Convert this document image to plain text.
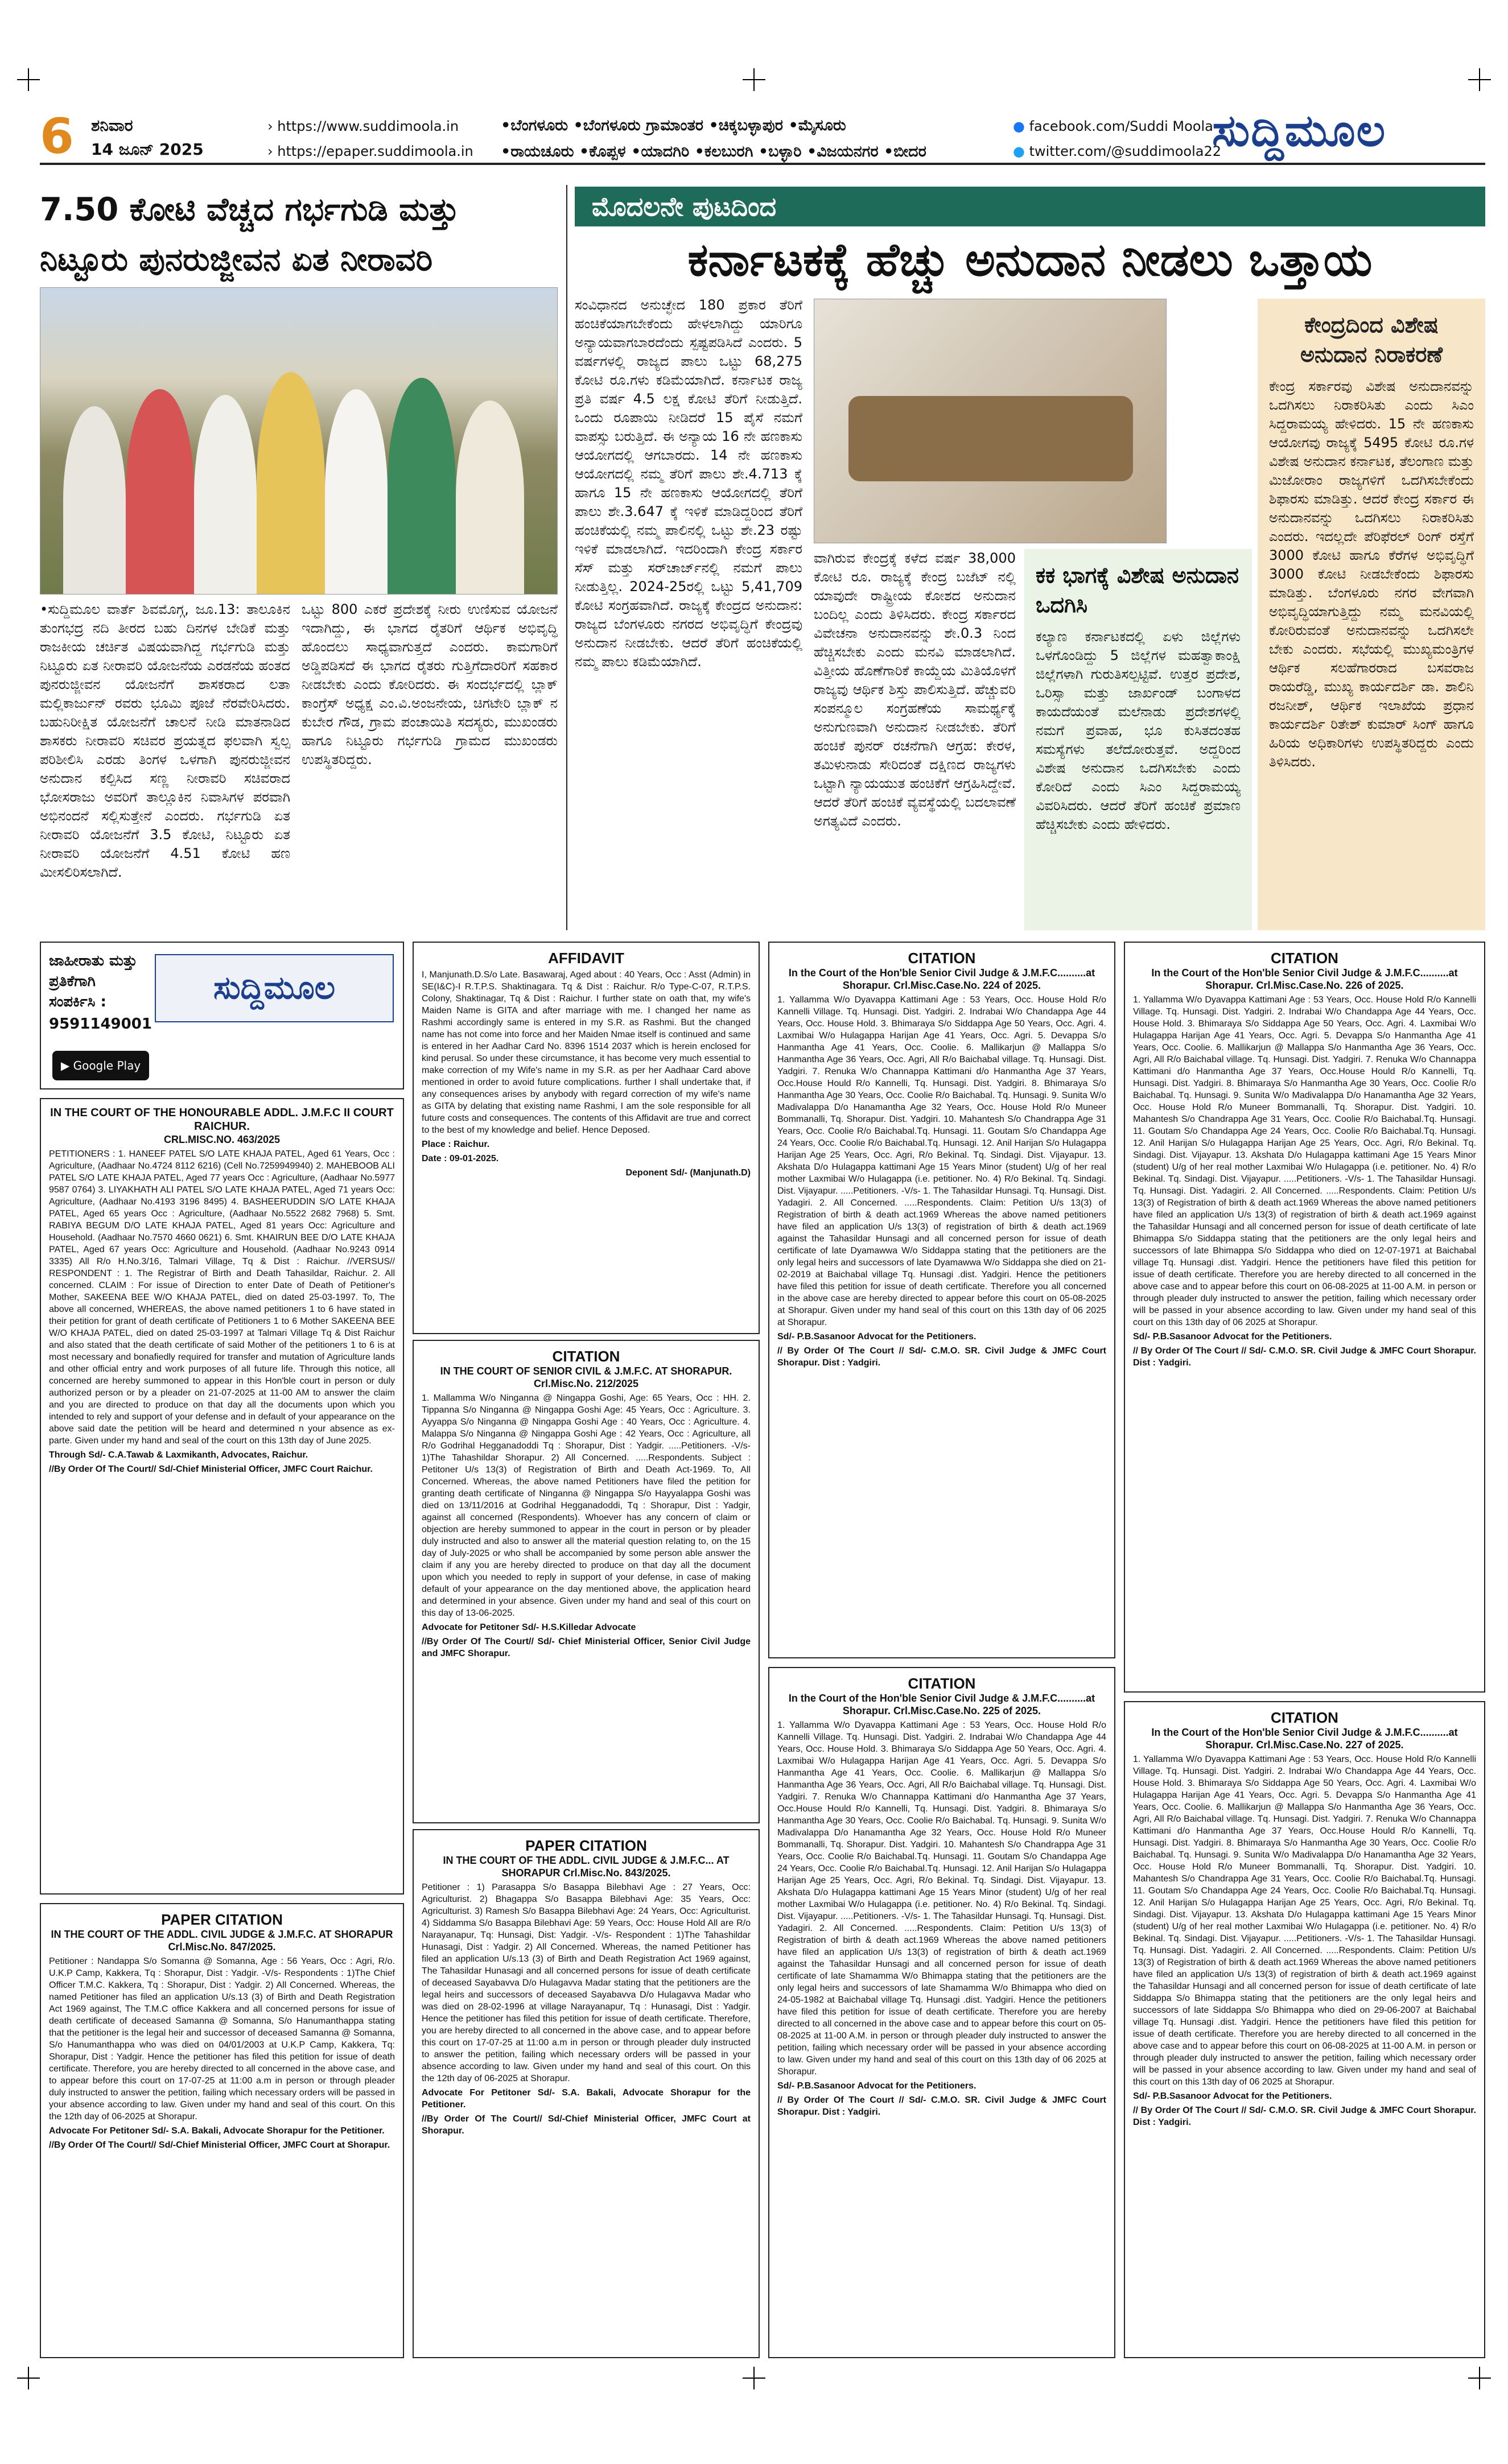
6 ಶನಿವಾರ
14 ಜೂನ್ 2025
› https://www.suddimoola.in
› https://epaper.suddimoola.in
•ಬೆಂಗಳೂರು •ಬೆಂಗಳೂರು ಗ್ರಾಮಾಂತರ •ಚಿಕ್ಕಬಳ್ಳಾಪುರ •ಮೈಸೂರು
•ರಾಯಚೂರು •ಕೊಪ್ಪಳ •ಯಾದಗಿರಿ •ಕಲಬುರಗಿ •ಬಳ್ಳಾರಿ •ವಿಜಯನಗರ •ಬೀದರ
● facebook.com/Suddi Moola
● twitter.com/@suddimoola22
ಸುದ್ದಿಮೂಲ
7.50 ಕೋಟಿ ವೆಚ್ಚದ ಗರ್ಭಗುಡಿ ಮತ್ತು ನಿಟ್ಟೂರು ಪುನರುಜ್ಜೀವನ ಏತ ನೀರಾವರಿ
•ಸುದ್ದಿಮೂಲ ವಾರ್ತೆ ಶಿವಮೊಗ್ಗ, ಜೂ.13: ತಾಲೂಕಿನ ತುಂಗಭದ್ರ ನದಿ ತೀರದ ಬಹು ದಿನಗಳ ಬೇಡಿಕೆ ಮತ್ತು ರಾಜಕೀಯ ಚರ್ಚಿತ ವಿಷಯವಾಗಿದ್ದ ಗರ್ಭಗುಡಿ ಮತ್ತು ನಿಟ್ಟೂರು ಏತ ನೀರಾವರಿ ಯೋಜನೆಯ ಎರಡನೆಯ ಹಂತದ ಪುನರುಜ್ಜೀವನ ಯೋಜನೆಗೆ ಶಾಸಕರಾದ ಲತಾ ಮಲ್ಲಿಕಾರ್ಜುನ್ ರವರು ಭೂಮಿ ಪೂಜೆ ನೆರವೇರಿಸಿದರು. ಬಹುನಿರೀಕ್ಷಿತ ಯೋಜನೆಗೆ ಚಾಲನೆ ನೀಡಿ ಮಾತನಾಡಿದ ಶಾಸಕರು ನೀರಾವರಿ ಸಚಿವರ ಪ್ರಯತ್ನದ ಫಲವಾಗಿ ಸ್ವಲ್ಪ ಪರಿಶೀಲಿಸಿ ಎರಡು ತಿಂಗಳ ಒಳಗಾಗಿ ಪುನರುಜ್ಜೀವನ ಅನುದಾನ ಕಲ್ಪಿಸಿದ ಸಣ್ಣ ನೀರಾವರಿ ಸಚಿವರಾದ ಭೋಸರಾಜು ಅವರಿಗೆ ತಾಲ್ಲೂಕಿನ ನಿವಾಸಿಗಳ ಪರವಾಗಿ ಅಭಿನಂದನೆ ಸಲ್ಲಿಸುತ್ತೇನೆ ಎಂದರು. ಗರ್ಭಗುಡಿ ಏತ ನೀರಾವರಿ ಯೋಜನೆಗೆ 3.5 ಕೋಟಿ, ನಿಟ್ಟೂರು ಏತ ನೀರಾವರಿ ಯೋಜನೆಗೆ 4.51 ಕೋಟಿ ಹಣ ಮೀಸಲಿರಿಸಲಾಗಿದೆ.
ಒಟ್ಟು 800 ಎಕರೆ ಪ್ರದೇಶಕ್ಕೆ ನೀರು ಉಣಿಸುವ ಯೋಜನೆ ಇದಾಗಿದ್ದು, ಈ ಭಾಗದ ರೈತರಿಗೆ ಆರ್ಥಿಕ ಅಭಿವೃದ್ಧಿ ಹೊಂದಲು ಸಾಧ್ಯವಾಗುತ್ತದೆ ಎಂದರು. ಕಾಮಗಾರಿಗೆ ಅಡ್ಡಿಪಡಿಸದೆ ಈ ಭಾಗದ ರೈತರು ಗುತ್ತಿಗೆದಾರರಿಗೆ ಸಹಕಾರ ನೀಡಬೇಕು ಎಂದು ಕೋರಿದರು. ಈ ಸಂದರ್ಭದಲ್ಲಿ ಬ್ಲಾಕ್ ಕಾಂಗ್ರೆಸ್ ಅಧ್ಯಕ್ಷ ಎಂ.ವಿ.ಅಂಜನೇಯ, ಚಿಗಟೇರಿ ಬ್ಲಾಕ್ ನ ಕುಬೇರ ಗೌಡ, ಗ್ರಾಮ ಪಂಚಾಯಿತಿ ಸದಸ್ಯರು, ಮುಖಂಡರು ಹಾಗೂ ನಿಟ್ಟೂರು ಗರ್ಭಗುಡಿ ಗ್ರಾಮದ ಮುಖಂಡರು ಉಪಸ್ಥಿತರಿದ್ದರು.
ಮೊದಲನೇ ಪುಟದಿಂದ
ಕರ್ನಾಟಕಕ್ಕೆ ಹೆಚ್ಚು ಅನುದಾನ ನೀಡಲು ಒತ್ತಾಯ
ಸಂವಿಧಾನದ ಅನುಚ್ಛೇದ 180 ಪ್ರಕಾರ ತೆರಿಗೆ ಹಂಚಿಕೆಯಾಗಬೇಕೆಂದು ಹೇಳಲಾಗಿದ್ದು ಯಾರಿಗೂ ಅನ್ಯಾಯವಾಗಬಾರದೆಂದು ಸ್ಪಷ್ಟಪಡಿಸಿದೆ ಎಂದರು. 5 ವರ್ಷಗಳಲ್ಲಿ ರಾಜ್ಯದ ಪಾಲು ಒಟ್ಟು 68,275 ಕೋಟಿ ರೂ.ಗಳು ಕಡಿಮೆಯಾಗಿದೆ. ಕರ್ನಾಟಕ ರಾಜ್ಯ ಪ್ರತಿ ವರ್ಷ 4.5 ಲಕ್ಷ ಕೋಟಿ ತೆರಿಗೆ ನೀಡುತ್ತಿದೆ. ಒಂದು ರೂಪಾಯಿ ನೀಡಿದರೆ 15 ಪೈಸೆ ನಮಗೆ ವಾಪಸ್ಸು ಬರುತ್ತಿದೆ. ಈ ಅನ್ಯಾಯ 16 ನೇ ಹಣಕಾಸು ಆಯೋಗದಲ್ಲಿ ಆಗಬಾರದು. 14 ನೇ ಹಣಕಾಸು ಆಯೋಗದಲ್ಲಿ ನಮ್ಮ ತೆರಿಗೆ ಪಾಲು ಶೇ.4.713 ಕ್ಕೆ ಹಾಗೂ 15 ನೇ ಹಣಕಾಸು ಆಯೋಗದಲ್ಲಿ ತೆರಿಗೆ ಪಾಲು ಶೇ.3.647 ಕ್ಕೆ ಇಳಿಕೆ ಮಾಡಿದ್ದರಿಂದ ತೆರಿಗೆ ಹಂಚಿಕೆಯಲ್ಲಿ ನಮ್ಮ ಪಾಲಿನಲ್ಲಿ ಒಟ್ಟು ಶೇ.23 ರಷ್ಟು ಇಳಿಕೆ ಮಾಡಲಾಗಿದೆ. ಇದರಿಂದಾಗಿ ಕೇಂದ್ರ ಸರ್ಕಾರ ಸೆಸ್ ಮತ್ತು ಸರ್‌ಚಾರ್ಜ್‌ನಲ್ಲಿ ನಮಗೆ ಪಾಲು ನೀಡುತ್ತಿಲ್ಲ. 2024-25ರಲ್ಲಿ ಒಟ್ಟು 5,41,709 ಕೋಟಿ ಸಂಗ್ರಹವಾಗಿದೆ. ರಾಜ್ಯಕ್ಕೆ ಕೇಂದ್ರದ ಅನುದಾನ: ರಾಜ್ಯದ ಬೆಂಗಳೂರು ನಗರದ ಅಭಿವೃದ್ಧಿಗೆ ಕೇಂದ್ರವು ಅನುದಾನ ನೀಡಬೇಕು. ಆದರೆ ತೆರಿಗೆ ಹಂಚಿಕೆಯಲ್ಲಿ ನಮ್ಮ ಪಾಲು ಕಡಿಮೆಯಾಗಿದೆ.
ವಾಗಿರುವ ಕೇಂದ್ರಕ್ಕೆ ಕಳೆದ ವರ್ಷ 38,000 ಕೋಟಿ ರೂ. ರಾಜ್ಯಕ್ಕೆ ಕೇಂದ್ರ ಬಜೆಟ್ ನಲ್ಲಿ ಯಾವುದೇ ರಾಷ್ಟ್ರೀಯ ಕೋಶದ ಅನುದಾನ ಬಂದಿಲ್ಲ ಎಂದು ತಿಳಿಸಿದರು. ಕೇಂದ್ರ ಸರ್ಕಾರದ ವಿವೇಚನಾ ಅನುದಾನವನ್ನು ಶೇ.0.3 ನಿಂದ ಹೆಚ್ಚಿಸಬೇಕು ಎಂದು ಮನವಿ ಮಾಡಲಾಗಿದೆ. ವಿತ್ತೀಯ ಹೊಣೆಗಾರಿಕೆ ಕಾಯ್ದೆಯ ಮಿತಿಯೊಳಗೆ ರಾಜ್ಯವು ಆರ್ಥಿಕ ಶಿಸ್ತು ಪಾಲಿಸುತ್ತಿದೆ. ಹೆಚ್ಚುವರಿ ಸಂಪನ್ಮೂಲ ಸಂಗ್ರಹಣೆಯ ಸಾಮರ್ಥ್ಯಕ್ಕೆ ಅನುಗುಣವಾಗಿ ಅನುದಾನ ನೀಡಬೇಕು. ತೆರಿಗೆ ಹಂಚಿಕೆ ಪುನರ್ ರಚನೆಗಾಗಿ ಆಗ್ರಹ: ಕೇರಳ, ತಮಿಳುನಾಡು ಸೇರಿದಂತೆ ದಕ್ಷಿಣದ ರಾಜ್ಯಗಳು ಒಟ್ಟಾಗಿ ನ್ಯಾಯಯುತ ಹಂಚಿಕೆಗೆ ಆಗ್ರಹಿಸಿದ್ದೇವೆ. ಆದರೆ ತೆರಿಗೆ ಹಂಚಿಕೆ ವ್ಯವಸ್ಥೆಯಲ್ಲಿ ಬದಲಾವಣೆ ಅಗತ್ಯವಿದೆ ಎಂದರು.
ಕಕ ಭಾಗಕ್ಕೆ ವಿಶೇಷ ಅನುದಾನ ಒದಗಿಸಿ
ಕಲ್ಯಾಣ ಕರ್ನಾಟಕದಲ್ಲಿ ಏಳು ಜಿಲ್ಲೆಗಳು ಒಳಗೊಂಡಿದ್ದು 5 ಜಿಲ್ಲೆಗಳ ಮಹತ್ವಾಕಾಂಕ್ಷಿ ಜಿಲ್ಲೆಗಳಾಗಿ ಗುರುತಿಸಲ್ಪಟ್ಟಿವೆ. ಉತ್ತರ ಪ್ರದೇಶ, ಒರಿಸ್ಸಾ ಮತ್ತು ಜಾರ್ಖಂಡ್ ಬಂಗಾಳದ ಕಾಯದೆಯಂತೆ ಮಲೆನಾಡು ಪ್ರದೇಶಗಳಲ್ಲಿ ನಮಗೆ ಪ್ರವಾಹ, ಭೂ ಕುಸಿತದಂತಹ ಸಮಸ್ಯೆಗಳು ತಲೆದೋರುತ್ತವೆ. ಅದ್ದರಿಂದ ವಿಶೇಷ ಅನುದಾನ ಒದಗಿಸಬೇಕು ಎಂದು ಕೋರಿದೆ ಎಂದು ಸಿಎಂ ಸಿದ್ದರಾಮಯ್ಯ ವಿವರಿಸಿದರು. ಆದರೆ ತೆರಿಗೆ ಹಂಚಿಕೆ ಪ್ರಮಾಣ ಹೆಚ್ಚಿಸಬೇಕು ಎಂದು ಹೇಳಿದರು.
ಕೇಂದ್ರದಿಂದ ವಿಶೇಷ ಅನುದಾನ ನಿರಾಕರಣೆ
ಕೇಂದ್ರ ಸರ್ಕಾರವು ವಿಶೇಷ ಅನುದಾನವನ್ನು ಒದಗಿಸಲು ನಿರಾಕರಿಸಿತು ಎಂದು ಸಿಎಂ ಸಿದ್ದರಾಮಯ್ಯ ಹೇಳಿದರು. 15 ನೇ ಹಣಕಾಸು ಆಯೋಗವು ರಾಜ್ಯಕ್ಕೆ 5495 ಕೋಟಿ ರೂ.ಗಳ ವಿಶೇಷ ಅನುದಾನ ಕರ್ನಾಟಕ, ತೆಲಂಗಾಣ ಮತ್ತು ಮಿಜೋರಾಂ ರಾಜ್ಯಗಳಿಗೆ ಒದಗಿಸಬೇಕೆಂದು ಶಿಫಾರಸು ಮಾಡಿತ್ತು. ಆದರೆ ಕೇಂದ್ರ ಸರ್ಕಾರ ಈ ಅನುದಾನವನ್ನು ಒದಗಿಸಲು ನಿರಾಕರಿಸಿತು ಎಂದರು. ಇದಲ್ಲದೇ ಪೆರಿಫೆರಲ್ ರಿಂಗ್ ರಸ್ತೆಗೆ 3000 ಕೋಟಿ ಹಾಗೂ ಕೆರೆಗಳ ಅಭಿವೃದ್ಧಿಗೆ 3000 ಕೋಟಿ ನೀಡಬೇಕೆಂದು ಶಿಫಾರಸು ಮಾಡಿತ್ತು. ಬೆಂಗಳೂರು ನಗರ ವೇಗವಾಗಿ ಅಭಿವೃದ್ಧಿಯಾಗುತ್ತಿದ್ದು ನಮ್ಮ ಮನವಿಯಲ್ಲಿ ಕೋರಿರುವಂತೆ ಅನುದಾನವನ್ನು ಒದಗಿಸಲೇ ಬೇಕು ಎಂದರು. ಸಭೆಯಲ್ಲಿ ಮುಖ್ಯಮಂತ್ರಿಗಳ ಆರ್ಥಿಕ ಸಲಹೆಗಾರರಾದ ಬಸವರಾಜ ರಾಯರೆಡ್ಡಿ, ಮುಖ್ಯ ಕಾರ್ಯದರ್ಶಿ ಡಾ. ಶಾಲಿನಿ ರಜನೀಶ್, ಆರ್ಥಿಕ ಇಲಾಖೆಯ ಪ್ರಧಾನ ಕಾರ್ಯದರ್ಶಿ ರಿತೇಶ್ ಕುಮಾರ್ ಸಿಂಗ್ ಹಾಗೂ ಹಿರಿಯ ಅಧಿಕಾರಿಗಳು ಉಪಸ್ಥಿತರಿದ್ದರು ಎಂದು ತಿಳಿಸಿದರು.
ಜಾಹೀರಾತು ಮತ್ತು ಪ್ರತಿಕೆಗಾಗಿ ಸಂಪರ್ಕಿಸಿ :
9591149001
ಸುದ್ದಿಮೂಲ
▶ Google Play
IN THE COURT OF THE HONOURABLE ADDL. J.M.F.C II COURT RAICHUR.
CRL.MISC.NO. 463/2025

PETITIONERS : 1. HANEEF PATEL S/O LATE KHAJA PATEL, Aged 61 Years, Occ : Agriculture, (Aadhaar No.4724 8112 6216) (Cell No.7259949940) 2. MAHEBOOB ALI PATEL S/O LATE KHAJA PATEL, Aged 77 years Occ : Agriculture, (Aadhaar No.5977 9587 0764) 3. LIYAKHATH ALI PATEL S/O LATE KHAJA PATEL, Aged 71 years Occ: Agriculture, (Aadhaar No.4193 3196 8495) 4. BASHEERUDDIN S/O LATE KHAJA PATEL, Aged 65 years Occ : Agriculture, (Aadhaar No.5522 2682 7968) 5. Smt. RABIYA BEGUM D/O LATE KHAJA PATEL, Aged 81 years Occ: Agriculture and Household. (Aadhaar No.7570 4660 0621) 6. Smt. KHAIRUN BEE D/O LATE KHAJA PATEL, Aged 67 years Occ: Agriculture and Household. (Aadhaar No.9243 0914 3335) All R/o H.No.3/16, Talmari Village, Tq & Dist : Raichur. //VERSUS// RESPONDENT : 1. The Registrar of Birth and Death Tahasildar, Raichur. 2. All concerned. CLAIM : For issue of Direction to enter Date of Death of Petitioner's Mother, SAKEENA BEE W/O KHAJA PATEL, died on dated 25-03-1997. To, The above all concerned, WHEREAS, the above named petitioners 1 to 6 have stated in their petition for grant of death certificate of Petitioners 1 to 6 Mother SAKEENA BEE W/O KHAJA PATEL, died on dated 25-03-1997 at Talmari Village Tq & Dist Raichur and also stated that the death certificate of said Mother of the petitioners 1 to 6 is at most necessary and bonafiedly required for transfer and mutation of Agriculture lands and other official entry and work purposes of all future life. Through this notice, all concerned are hereby summoned to appear in this Hon'ble court in person or duly authorized person or by a pleader on 21-07-2025 at 11-00 AM to answer the claim and you are directed to produce on that day all the documents upon which you intended to rely and support of your defense and in default of your appearance on the above said date the petition will be heard and determined n your absence as ex-parte. Given under my hand and seal of the court on this 13th day of June 2025.

Through Sd/- C.A.Tawab & Laxmikanth, Advocates, Raichur.

//By Order Of The Court// Sd/-Chief Ministerial Officer, JMFC Court Raichur.

PAPER CITATION
IN THE COURT OF THE ADDL. CIVIL JUDGE & J.M.F.C. AT SHORAPUR Crl.Misc.No. 847/2025.

Petitioner : Nandappa S/o Somanna @ Somanna, Age : 56 Years, Occ : Agri, R/o. U.K.P Camp, Kakkera, Tq : Shorapur, Dist : Yadgir. -V/s- Respondents : 1)The Chief Officer T.M.C. Kakkera, Tq : Shorapur, Dist : Yadgir. 2) All Concerned. Whereas, the named Petitioner has filed an application U/s.13 (3) of Birth and Death Registration Act 1969 against, The T.M.C office Kakkera and all concerned persons for issue of death certificate of deceased Samanna @ Somanna, S/o Hanumanthappa stating that the petitioner is the legal heir and successor of deceased Samanna @ Somanna, S/o Hanumanthappa who was died on 04/01/2003 at U.K.P Camp, Kakkera, Tq: Shorapur, Dist : Yadgir. Hence the petitioner has filed this petition for issue of death certificate. Therefore, you are hereby directed to all concerned in the above case, and to appear before this court on 17-07-25 at 11:00 a.m in person or through pleader duly instructed to answer the petition, failing which necessary orders will be passed in your absence according to law. Given under my hand and seal of this court. On this the 12th day of 06-2025 at Shorapur.

Advocate For Petitoner Sd/- S.A. Bakali, Advocate Shorapur for the Petitioner.

//By Order Of The Court// Sd/-Chief Ministerial Officer, JMFC Court at Shorapur.

AFFIDAVIT

I, Manjunath.D.S/o Late. Basawaraj, Aged about : 40 Years, Occ : Asst (Admin) in SE(I&C)-I R.T.P.S. Shaktinagara. Tq & Dist : Raichur. R/o Type-C-07, R.T.P.S. Colony, Shaktinagar, Tq & Dist : Raichur. I further state on oath that, my wife's Maiden Name is GITA and after marriage with me. I changed her name as Rashmi accordingly same is entered in my S.R. as Rashmi. But the changed name has not come into force and her Maiden Nmae itself is continued and same is entered in her Aadhar Card No. 8396 1514 2037 which is herein enclosed for kind perusal. So under these circumstance, it has become very much essential to make correction of my Wife's name in my S.R. as per her Aadhaar Card above mentioned in order to avoid future complications. further I shall undertake that, if any consequences arises by anybody with regard correction of my wife's name as GITA by delating that existing name Rashmi, I am the sole responsible for all future costs and consequences. The contents of this Affidavit are true and correct to the best of my knowledge and belief. Hence Deposed.

Place : Raichur.

Date : 09-01-2025.

Deponent Sd/- (Manjunath.D)

CITATION
IN THE COURT OF SENIOR CIVIL & J.M.F.C. AT SHORAPUR. Crl.Misc.No. 212/2025

1. Mallamma W/o Ninganna @ Ningappa Goshi, Age: 65 Years, Occ : HH. 2. Tippanna S/o Ninganna @ Ningappa Goshi Age: 45 Years, Occ : Agriculture. 3. Ayyappa S/o Ninganna @ Ningappa Goshi Age : 40 Years, Occ : Agriculture. 4. Malappa S/o Ninganna @ Ningappa Goshi Age : 42 Years, Occ : Agriculture, all R/o Godrihal Hegganadoddi Tq : Shorapur, Dist : Yadgir. .....Petitioners. -V/s- 1)The Tahashildar Shorapur. 2) All Concerned. .....Respondents. Subject : Petitoner U/s 13(3) of Registration of Birth and Death Act-1969. To, All Concerned. Whereas, the above named Petitioners have filed the petition for granting death certificate of Ninganna @ Ningappa S/o Hayyalappa Goshi was died on 13/11/2016 at Godrihal Hegganadoddi, Tq : Shorapur, Dist : Yadgir, against all concerned (Respondents). Whoever has any concern of claim or objection are hereby summoned to appear in the court in person or by pleader duly instructed and also to answer all the material question relating to, on the 15 day of July-2025 or who shall be accompanied by some person able answer the claim if any you are hereby directed to produce on that day all the document upon which you needed to reply in support of your defense, in case of making default of your appearance on the day mentioned above, the application heard and determined in your absence. Given under my hand and seal of this court on this day of 13-06-2025.

Advocate for Petitoner Sd/- H.S.Killedar Advocate

//By Order Of The Court// Sd/- Chief Ministerial Officer, Senior Civil Judge and JMFC Shorapur.

PAPER CITATION
IN THE COURT OF THE ADDL. CIVIL JUDGE & J.M.F.C... AT SHORAPUR Crl.Misc.No. 843/2025.

Petitioner : 1) Parasappa S/o Basappa Bilebhavi Age : 27 Years, Occ: Agriculturist. 2) Bhagappa S/o Basappa Bilebhavi Age: 35 Years, Occ: Agriculturist. 3) Ramesh S/o Basappa Bilebhavi Age: 24 Years, Occ: Agriculturist. 4) Siddamma S/o Basappa Bilebhavi Age: 59 Years, Occ: House Hold All are R/o Narayanapur, Tq: Hunsagi, Dist: Yadgir. -V/s- Respondent : 1)The Tahashildar Hunasagi, Dist : Yadgir. 2) All Concerned. Whereas, the named Petitioner has filed an application U/s.13 (3) of Birth and Death Registration Act 1969 against, The Tahasildar Hunasagi and all concerned persons for issue of death certificate of deceased Sayabavva D/o Hulagavva Madar stating that the petitioners are the legal heirs and successors of deceased Sayabavva D/o Hulagavva Madar who was died on 28-02-1996 at village Narayanapur, Tq : Hunasagi, Dist : Yadgir. Hence the petitioner has filed this petition for issue of death certificate. Therefore, you are hereby directed to all concerned in the above case, and to appear before this court on 17-07-25 at 11:00 a.m in person or through pleader duly instructed to answer the petition, failing which necessary orders will be passed in your absence according to law. Given under my hand and seal of this court. On this the 12th day of 06-2025 at Shorapur.

Advocate For Petitoner Sd/- S.A. Bakali, Advocate Shorapur for the Petitioner.

//By Order Of The Court// Sd/-Chief Ministerial Officer, JMFC Court at Shorapur.

CITATION
In the Court of the Hon'ble Senior Civil Judge & J.M.F.C..........at Shorapur. Crl.Misc.Case.No. 224 of 2025.

1. Yallamma W/o Dyavappa Kattimani Age : 53 Years, Occ. House Hold R/o Kannelli Village. Tq. Hunsagi. Dist. Yadgiri. 2. Indrabai W/o Chandappa Age 44 Years, Occ. House Hold. 3. Bhimaraya S/o Siddappa Age 50 Years, Occ. Agri. 4. Laxmibai W/o Hulagappa Harijan Age 41 Years, Occ. Agri. 5. Devappa S/o Hanmantha Age 41 Years, Occ. Coolie. 6. Mallikarjun @ Mallappa S/o Hanmantha Age 36 Years, Occ. Agri, All R/o Baichabal village. Tq. Hunsagi. Dist. Yadgiri. 7. Renuka W/o Channappa Kattimani d/o Hanmantha Age 37 Years, Occ.House Hould R/o Kannelli, Tq. Hunsagi. Dist. Yadgiri. 8. Bhimaraya S/o Hanmantha Age 30 Years, Occ. Coolie R/o Baichabal. Tq. Hunsagi. 9. Sunita W/o Madivalappa D/o Hanamantha Age 32 Years, Occ. House Hold R/o Muneer Bommanalli, Tq. Shorapur. Dist. Yadgiri. 10. Mahantesh S/o Chandrappa Age 31 Years, Occ. Coolie R/o Baichabal.Tq. Hunsagi. 11. Goutam S/o Chandappa Age 24 Years, Occ. Coolie R/o Baichabal.Tq. Hunsagi. 12. Anil Harijan S/o Hulagappa Harijan Age 25 Years, Occ. Agri, R/o Bekinal. Tq. Sindagi. Dist. Vijayapur. 13. Akshata D/o Hulagappa kattimani Age 15 Years Minor (student) U/g of her real mother Laxmibai W/o Hulagappa (i.e. petitioner. No. 4) R/o Bekinal. Tq. Sindagi. Dist. Vijayapur. .....Petitioners. -V/s- 1. The Tahasildar Hunsagi. Tq. Hunsagi. Dist. Yadagiri. 2. All Concerned. .....Respondents. Claim: Petition U/s 13(3) of Registration of birth & death act.1969 Whereas the above named petitioners have filed an application U/s 13(3) of registration of birth & death act.1969 against the Tahasildar Hunsagi and all concerned person for issue of death certificate of late Dyamawwa W/o Siddappa stating that the petitioners are the only legal heirs and successors of late Dyamawwa W/o Siddappa she died on 21-02-2019 at Baichabal village Tq. Hunsagi .dist. Yadgiri. Hence the petitioners have filed this petition for issue of death certificate. Therefore you all concerned in the above case are hereby directed to appear before this court on 05-08-2025 at Shorapur. Given under my hand seal of this court on this 13th day of 06 2025 at Shorapur.

Sd/- P.B.Sasanoor Advocat for the Petitioners.

// By Order Of The Court // Sd/- C.M.O. SR. Civil Judge & JMFC Court Shorapur. Dist : Yadgiri.

CITATION
In the Court of the Hon'ble Senior Civil Judge & J.M.F.C..........at Shorapur. Crl.Misc.Case.No. 225 of 2025.

1. Yallamma W/o Dyavappa Kattimani Age : 53 Years, Occ. House Hold R/o Kannelli Village. Tq. Hunsagi. Dist. Yadgiri. 2. Indrabai W/o Chandappa Age 44 Years, Occ. House Hold. 3. Bhimaraya S/o Siddappa Age 50 Years, Occ. Agri. 4. Laxmibai W/o Hulagappa Harijan Age 41 Years, Occ. Agri. 5. Devappa S/o Hanmantha Age 41 Years, Occ. Coolie. 6. Mallikarjun @ Mallappa S/o Hanmantha Age 36 Years, Occ. Agri, All R/o Baichabal village. Tq. Hunsagi. Dist. Yadgiri. 7. Renuka W/o Channappa Kattimani d/o Hanmantha Age 37 Years, Occ.House Hould R/o Kannelli, Tq. Hunsagi. Dist. Yadgiri. 8. Bhimaraya S/o Hanmantha Age 30 Years, Occ. Coolie R/o Baichabal. Tq. Hunsagi. 9. Sunita W/o Madivalappa D/o Hanamantha Age 32 Years, Occ. House Hold R/o Muneer Bommanalli, Tq. Shorapur. Dist. Yadgiri. 10. Mahantesh S/o Chandrappa Age 31 Years, Occ. Coolie R/o Baichabal.Tq. Hunsagi. 11. Goutam S/o Chandappa Age 24 Years, Occ. Coolie R/o Baichabal.Tq. Hunsagi. 12. Anil Harijan S/o Hulagappa Harijan Age 25 Years, Occ. Agri, R/o Bekinal. Tq. Sindagi. Dist. Vijayapur. 13. Akshata D/o Hulagappa kattimani Age 15 Years Minor (student) U/g of her real mother Laxmibai W/o Hulagappa (i.e. petitioner. No. 4) R/o Bekinal. Tq. Sindagi. Dist. Vijayapur. .....Petitioners. -V/s- 1. The Tahasildar Hunsagi. Tq. Hunsagi. Dist. Yadagiri. 2. All Concerned. .....Respondents. Claim: Petition U/s 13(3) of Registration of birth & death act.1969 Whereas the above named petitioners have filed an application U/s 13(3) of registration of birth & death act.1969 against the Tahasildar Hunsagi and all concerned person for issue of death certificate of late Shamamma W/o Bhimappa stating that the petitioners are the only legal heirs and successors of late Shamamma W/o Bhimappa who died on 24-05-1982 at Baichabal village Tq. Hunsagi .dist. Yadgiri. Hence the petitioners have filed this petition for issue of death certificate. Therefore you are hereby directed to all concerned in the above case and to appear before this court on 05-08-2025 at 11-00 A.M. in person or through pleader duly instructed to answer the petition, failing which necessary order will be passed in your absence according to law. Given under my hand and seal of this court on this 13th day of 06 2025 at Shorapur.

Sd/- P.B.Sasanoor Advocat for the Petitioners.

// By Order Of The Court // Sd/- C.M.O. SR. Civil Judge & JMFC Court Shorapur. Dist : Yadgiri.

CITATION
In the Court of the Hon'ble Senior Civil Judge & J.M.F.C..........at Shorapur. Crl.Misc.Case.No. 226 of 2025.

1. Yallamma W/o Dyavappa Kattimani Age : 53 Years, Occ. House Hold R/o Kannelli Village. Tq. Hunsagi. Dist. Yadgiri. 2. Indrabai W/o Chandappa Age 44 Years, Occ. House Hold. 3. Bhimaraya S/o Siddappa Age 50 Years, Occ. Agri. 4. Laxmibai W/o Hulagappa Harijan Age 41 Years, Occ. Agri. 5. Devappa S/o Hanmantha Age 41 Years, Occ. Coolie. 6. Mallikarjun @ Mallappa S/o Hanmantha Age 36 Years, Occ. Agri, All R/o Baichabal village. Tq. Hunsagi. Dist. Yadgiri. 7. Renuka W/o Channappa Kattimani d/o Hanmantha Age 37 Years, Occ.House Hould R/o Kannelli, Tq. Hunsagi. Dist. Yadgiri. 8. Bhimaraya S/o Hanmantha Age 30 Years, Occ. Coolie R/o Baichabal. Tq. Hunsagi. 9. Sunita W/o Madivalappa D/o Hanamantha Age 32 Years, Occ. House Hold R/o Muneer Bommanalli, Tq. Shorapur. Dist. Yadgiri. 10. Mahantesh S/o Chandrappa Age 31 Years, Occ. Coolie R/o Baichabal.Tq. Hunsagi. 11. Goutam S/o Chandappa Age 24 Years, Occ. Coolie R/o Baichabal.Tq. Hunsagi. 12. Anil Harijan S/o Hulagappa Harijan Age 25 Years, Occ. Agri, R/o Bekinal. Tq. Sindagi. Dist. Vijayapur. 13. Akshata D/o Hulagappa kattimani Age 15 Years Minor (student) U/g of her real mother Laxmibai W/o Hulagappa (i.e. petitioner. No. 4) R/o Bekinal. Tq. Sindagi. Dist. Vijayapur. .....Petitioners. -V/s- 1. The Tahasildar Hunsagi. Tq. Hunsagi. Dist. Yadagiri. 2. All Concerned. .....Respondents. Claim: Petition U/s 13(3) of Registration of birth & death act.1969 Whereas the above named petitioners have filed an application U/s 13(3) of registration of birth & death act.1969 against the Tahasildar Hunsagi and all concerned person for issue of death certificate of late Bhimappa S/o Siddappa stating that the petitioners are the only legal heirs and successors of late Bhimappa S/o Siddappa who died on 12-07-1971 at Baichabal village Tq. Hunsagi .dist. Yadgiri. Hence the petitioners have filed this petition for issue of death certificate. Therefore you are hereby directed to all concerned in the above case and to appear before this court on 06-08-2025 at 11-00 A.M. in person or through pleader duly instructed to answer the petition, failing which necessary order will be passed in your absence according to law. Given under my hand seal of this court on this 13th day of 06 2025 at Shorapur.

Sd/- P.B.Sasanoor Advocat for the Petitioners.

// By Order Of The Court // Sd/- C.M.O. SR. Civil Judge & JMFC Court Shorapur. Dist : Yadgiri.

CITATION
In the Court of the Hon'ble Senior Civil Judge & J.M.F.C..........at Shorapur. Crl.Misc.Case.No. 227 of 2025.

1. Yallamma W/o Dyavappa Kattimani Age : 53 Years, Occ. House Hold R/o Kannelli Village. Tq. Hunsagi. Dist. Yadgiri. 2. Indrabai W/o Chandappa Age 44 Years, Occ. House Hold. 3. Bhimaraya S/o Siddappa Age 50 Years, Occ. Agri. 4. Laxmibai W/o Hulagappa Harijan Age 41 Years, Occ. Agri. 5. Devappa S/o Hanmantha Age 41 Years, Occ. Coolie. 6. Mallikarjun @ Mallappa S/o Hanmantha Age 36 Years, Occ. Agri, All R/o Baichabal village. Tq. Hunsagi. Dist. Yadgiri. 7. Renuka W/o Channappa Kattimani d/o Hanmantha Age 37 Years, Occ.House Hould R/o Kannelli, Tq. Hunsagi. Dist. Yadgiri. 8. Bhimaraya S/o Hanmantha Age 30 Years, Occ. Coolie R/o Baichabal. Tq. Hunsagi. 9. Sunita W/o Madivalappa D/o Hanamantha Age 32 Years, Occ. House Hold R/o Muneer Bommanalli, Tq. Shorapur. Dist. Yadgiri. 10. Mahantesh S/o Chandrappa Age 31 Years, Occ. Coolie R/o Baichabal.Tq. Hunsagi. 11. Goutam S/o Chandappa Age 24 Years, Occ. Coolie R/o Baichabal.Tq. Hunsagi. 12. Anil Harijan S/o Hulagappa Harijan Age 25 Years, Occ. Agri, R/o Bekinal. Tq. Sindagi. Dist. Vijayapur. 13. Akshata D/o Hulagappa kattimani Age 15 Years Minor (student) U/g of her real mother Laxmibai W/o Hulagappa (i.e. petitioner. No. 4) R/o Bekinal. Tq. Sindagi. Dist. Vijayapur. .....Petitioners. -V/s- 1. The Tahasildar Hunsagi. Tq. Hunsagi. Dist. Yadagiri. 2. All Concerned. .....Respondents. Claim: Petition U/s 13(3) of Registration of birth & death act.1969 Whereas the above named petitioners have filed an application U/s 13(3) of registration of birth & death act.1969 against the Tahasildar Hunsagi and all concerned person for issue of death certificate of late Siddappa S/o Bhimappa stating that the petitioners are the only legal heirs and successors of late Siddappa S/o Bhimappa who died on 29-06-2007 at Baichabal village Tq. Hunsagi .dist. Yadgiri. Hence the petitioners have filed this petition for issue of death certificate. Therefore you are hereby directed to all concerned in the above case and to appear before this court on 06-08-2025 at 11-00 A.M. in person or through pleader duly instructed to answer the petition, failing which necessary order will be passed in your absence according to law. Given under my hand and seal of this court on this 13th day of 06 2025 at Shorapur.

Sd/- P.B.Sasanoor Advocat for the Petitioners.

// By Order Of The Court // Sd/- C.M.O. SR. Civil Judge & JMFC Court Shorapur. Dist : Yadgiri.
